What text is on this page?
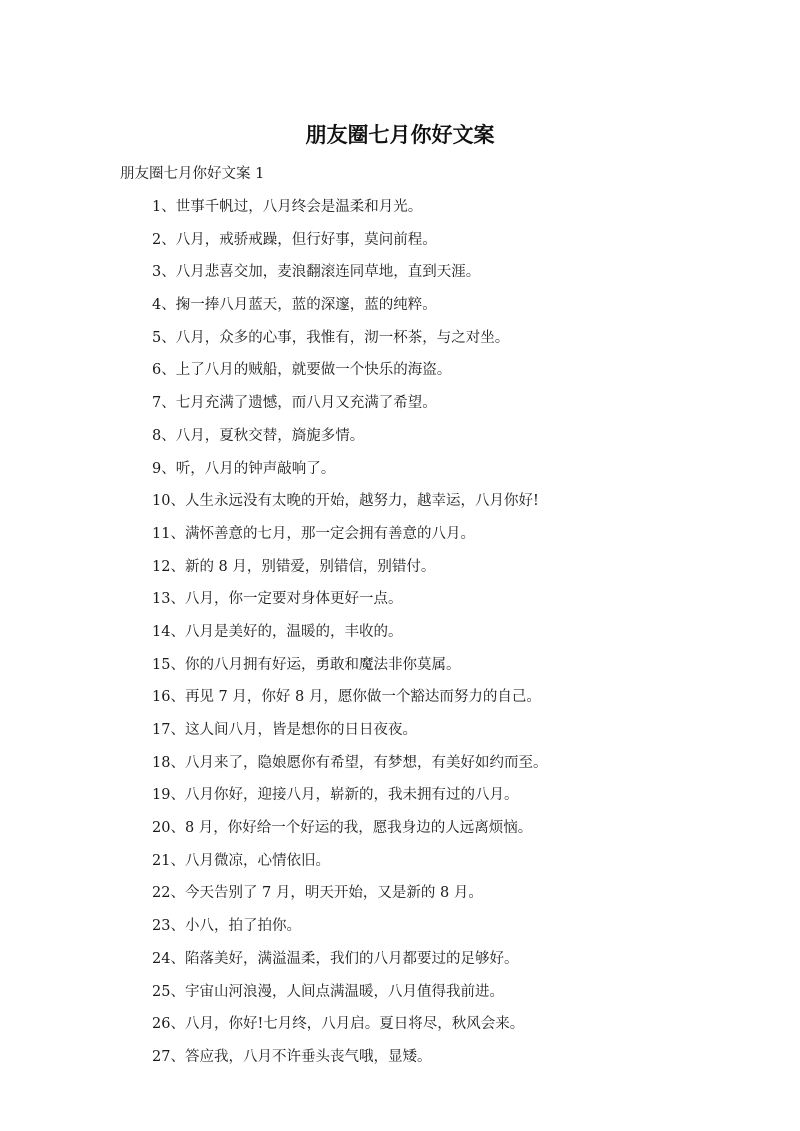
朋友圈七月你好文案

朋友圈七月你好文案 1

1、世事千帆过，八月终会是温柔和月光。
2、八月，戒骄戒躁，但行好事，莫问前程。
3、八月悲喜交加，麦浪翻滚连同草地，直到天涯。
4、掬一捧八月蓝天，蓝的深邃，蓝的纯粹。
5、八月，众多的心事，我惟有，沏一杯茶，与之对坐。
6、上了八月的贼船，就要做一个快乐的海盗。
7、七月充满了遗憾，而八月又充满了希望。
8、八月，夏秋交替，旖旎多情。
9、听，八月的钟声敲响了。
10、人生永远没有太晚的开始，越努力，越幸运，八月你好!
11、满怀善意的七月，那一定会拥有善意的八月。
12、新的 8 月，别错爱，别错信，别错付。
13、八月，你一定要对身体更好一点。
14、八月是美好的，温暖的，丰收的。
15、你的八月拥有好运，勇敢和魔法非你莫属。
16、再见 7 月，你好 8 月，愿你做一个豁达而努力的自己。
17、这人间八月，皆是想你的日日夜夜。
18、八月来了，隐娘愿你有希望，有梦想，有美好如约而至。
19、八月你好，迎接八月，崭新的，我未拥有过的八月。
20、8 月，你好给一个好运的我，愿我身边的人远离烦恼。
21、八月微凉，心情依旧。
22、今天告别了 7 月，明天开始，又是新的 8 月。
23、小八，拍了拍你。
24、陷落美好，满溢温柔，我们的八月都要过的足够好。
25、宇宙山河浪漫，人间点满温暖，八月值得我前进。
26、八月，你好!七月终，八月启。夏日将尽，秋风会来。
27、答应我，八月不许垂头丧气哦，显矮。
